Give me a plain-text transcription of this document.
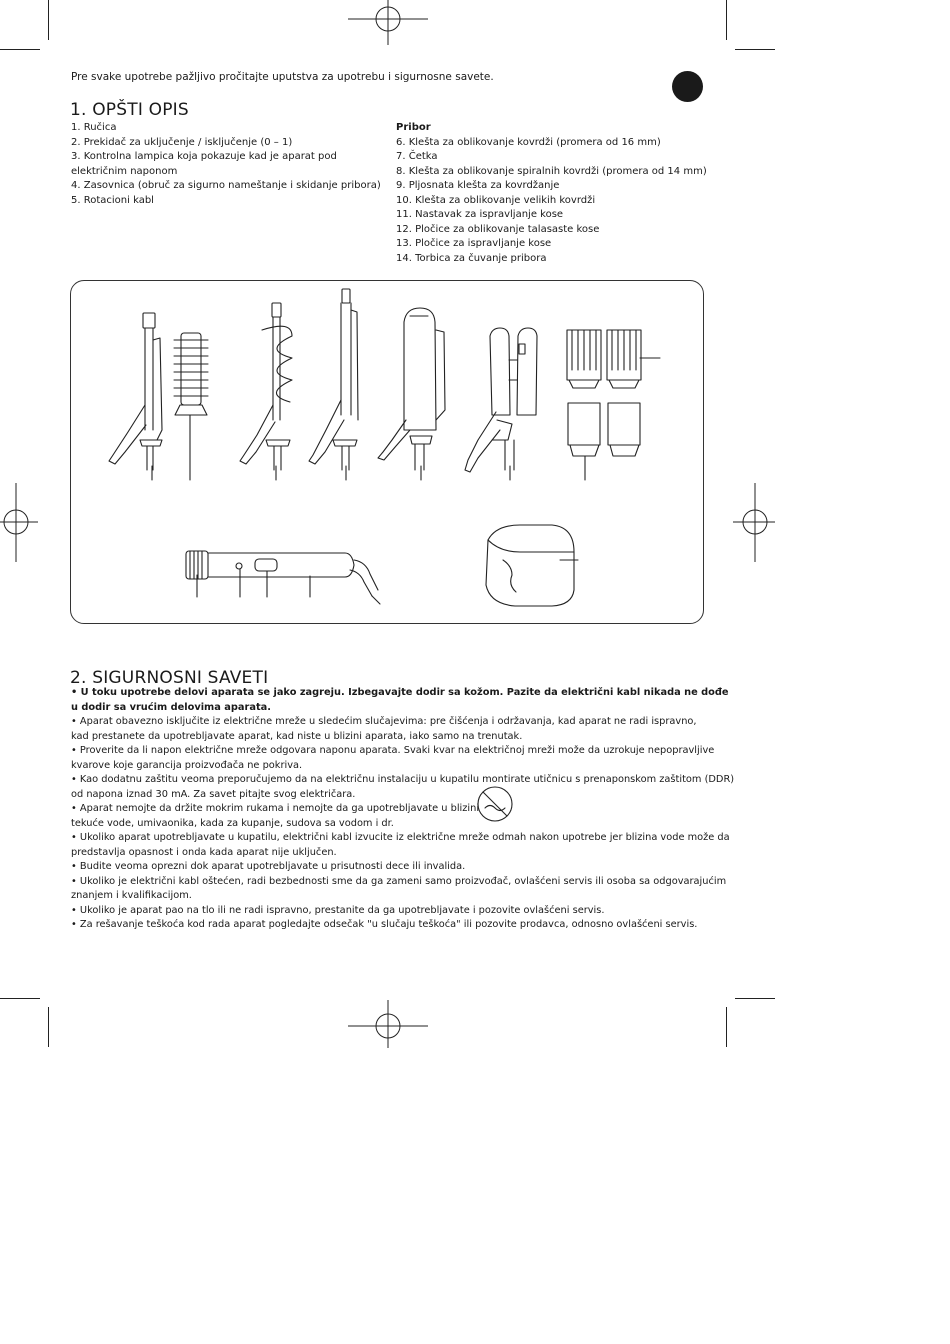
Pre svake upotrebe pažljivo pročitajte uputstva za upotrebu i sigurnosne savete.
1. OPŠTI OPIS
1. Ručica
2. Prekidač za uključenje / isključenje (0 – 1)
3. Kontrolna lampica koja pokazuje kad je aparat pod
električnim naponom
4. Zasovnica (obruč za sigurno nameštanje i skidanje pribora)
5. Rotacioni kabl
Pribor
6. Klešta za oblikovanje kovrdži (promera od 16 mm)
7. Četka
8. Klešta za oblikovanje spiralnih kovrdži (promera od 14 mm)
9. Pljosnata klešta za kovrdžanje
10. Klešta za oblikovanje velikih kovrdži
11. Nastavak za ispravljanje kose
12. Pločice za oblikovanje talasaste kose
13. Pločice za ispravljanje kose
14. Torbica za čuvanje pribora
2. SIGURNOSNI SAVETI
• U toku upotrebe delovi aparata se jako zagreju. Izbegavajte dodir sa kožom. Pazite da električni kabl nikada ne dođe
u dodir sa vrućim delovima aparata.
• Aparat obavezno isključite iz električne mreže u sledećim slučajevima: pre čišćenja i održavanja, kad aparat ne radi ispravno,
kad prestanete da upotrebljavate aparat, kad niste u blizini aparata, iako samo na trenutak.
• Proverite da li napon električne mreže odgovara naponu aparata. Svaki kvar na električnoj mreži može da uzrokuje nepopravljive
kvarove koje garancija proizvođača ne pokriva.
• Kao dodatnu zaštitu veoma preporučujemo da na električnu instalaciju u kupatilu montirate utičnicu s prenaponskom zaštitom (DDR)
od napona iznad 30 mA. Za savet pitajte svog električara.
• Aparat nemojte da držite mokrim rukama i nemojte da ga upotrebljavate u blizini
tekuće vode, umivaonika, kada za kupanje, sudova sa vodom i dr.
• Ukoliko aparat upotrebljavate u kupatilu, električni kabl izvucite iz električne mreže odmah nakon upotrebe jer blizina vode može da
predstavlja opasnost i onda kada aparat nije uključen.
• Budite veoma oprezni dok aparat upotrebljavate u prisutnosti dece ili invalida.
• Ukoliko je električni kabl oštećen, radi bezbednosti sme da ga zameni samo proizvođač, ovlašćeni servis ili osoba sa odgovarajućim
znanjem i kvalifikacijom.
• Ukoliko je aparat pao na tlo ili ne radi ispravno, prestanite da ga upotrebljavate i pozovite ovlašćeni servis.
• Za rešavanje teškoća kod rada aparat pogledajte odsečak "u slučaju teškoća" ili pozovite prodavca, odnosno ovlašćeni servis.
